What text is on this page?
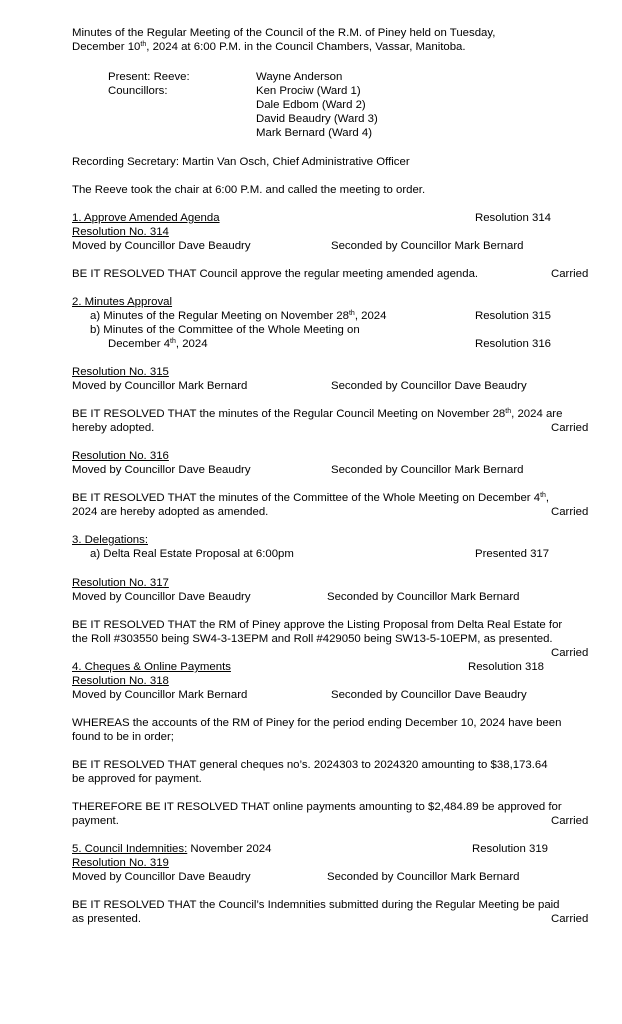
Minutes of the Regular Meeting of the Council of the R.M. of Piney held on Tuesday,
December 10th, 2024 at 6:00 P.M. in the Council Chambers, Vassar, Manitoba.
Present: Reeve:	Wayne Anderson
Councillors:	Ken Prociw (Ward 1)
Dale Edbom (Ward 2)
David Beaudry (Ward 3)
Mark Bernard (Ward 4)
Recording Secretary: Martin Van Osch, Chief Administrative Officer
The Reeve took the chair at 6:00 P.M. and called the meeting to order.
1. Approve Amended Agenda	Resolution 314
Resolution No. 314
Moved by Councillor Dave Beaudry	Seconded by Councillor Mark Bernard
BE IT RESOLVED THAT Council approve the regular meeting amended agenda.	Carried
2. Minutes Approval
a) Minutes of the Regular Meeting on November 28th, 2024	Resolution 315
b) Minutes of the Committee of the Whole Meeting on
December 4th, 2024	Resolution 316
Resolution No. 315
Moved by Councillor Mark Bernard	Seconded by Councillor Dave Beaudry
BE IT RESOLVED THAT the minutes of the Regular Council Meeting on November 28th, 2024 are
hereby adopted.	Carried
Resolution No. 316
Moved by Councillor Dave Beaudry	Seconded by Councillor Mark Bernard
BE IT RESOLVED THAT the minutes of the Committee of the Whole Meeting on December 4th,
2024 are hereby adopted as amended.	Carried
3. Delegations:
a) Delta Real Estate Proposal at 6:00pm	Presented 317
Resolution No. 317
Moved by Councillor Dave Beaudry	Seconded by Councillor Mark Bernard
BE IT RESOLVED THAT the RM of Piney approve the Listing Proposal from Delta Real Estate for
the Roll #303550 being SW4-3-13EPM and Roll #429050 being SW13-5-10EPM, as presented.
Carried
4. Cheques & Online Payments	Resolution 318
Resolution No. 318
Moved by Councillor Mark Bernard	Seconded by Councillor Dave Beaudry
WHEREAS the accounts of the RM of Piney for the period ending December 10, 2024 have been
found to be in order;
BE IT RESOLVED THAT general cheques no’s. 2024303 to 2024320 amounting to $38,173.64
be approved for payment.
THEREFORE BE IT RESOLVED THAT online payments amounting to $2,484.89 be approved for
payment.	Carried
5. Council Indemnities: November 2024	Resolution 319
Resolution No. 319
Moved by Councillor Dave Beaudry	Seconded by Councillor Mark Bernard
BE IT RESOLVED THAT the Council’s Indemnities submitted during the Regular Meeting be paid
as presented.	Carried
